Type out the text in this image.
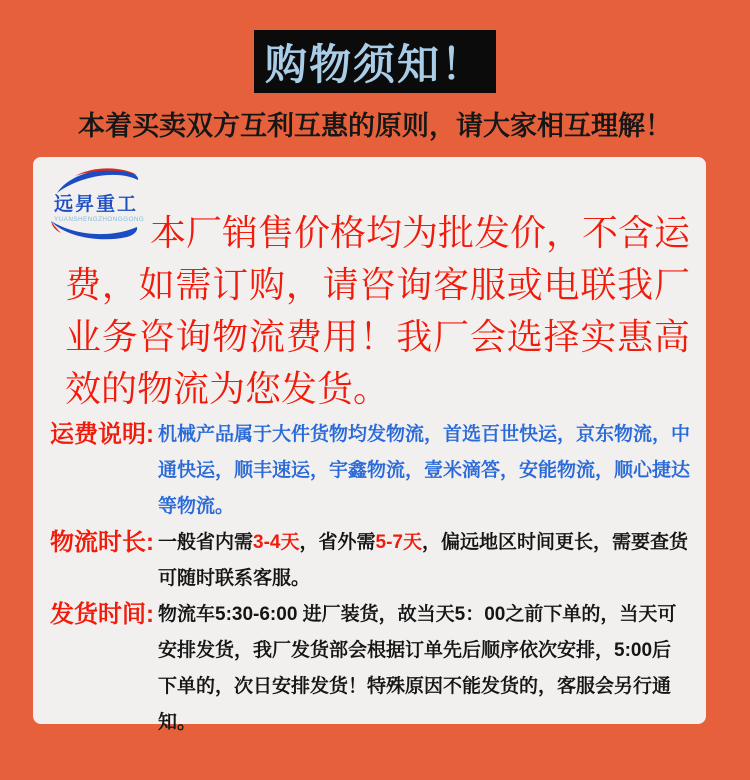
购物须知！
本着买卖双方互利互惠的原则，请大家相互理解！
远昇重工
YUANSHENGZHONGGONG 本厂销售价格均为批发价，不含运费，如需订购，请咨询客服或电联我厂业务咨询物流费用！我厂会选择实惠高效的物流为您发货。
运费说明: 机械产品属于大件货物均发物流，首选百世快运，京东物流，中通快运，顺丰速运，宇鑫物流，壹米滴答，安能物流，顺心捷达等物流。
物流时长: 一般省内需3-4天，省外需5-7天，偏远地区时间更长，需要查货可随时联系客服。
发货时间: 物流车5:30-6:00 进厂装货，故当天5：00之前下单的，当天可安排发货，我厂发货部会根据订单先后顺序依次安排，5:00后下单的，次日安排发货！特殊原因不能发货的，客服会另行通知。
